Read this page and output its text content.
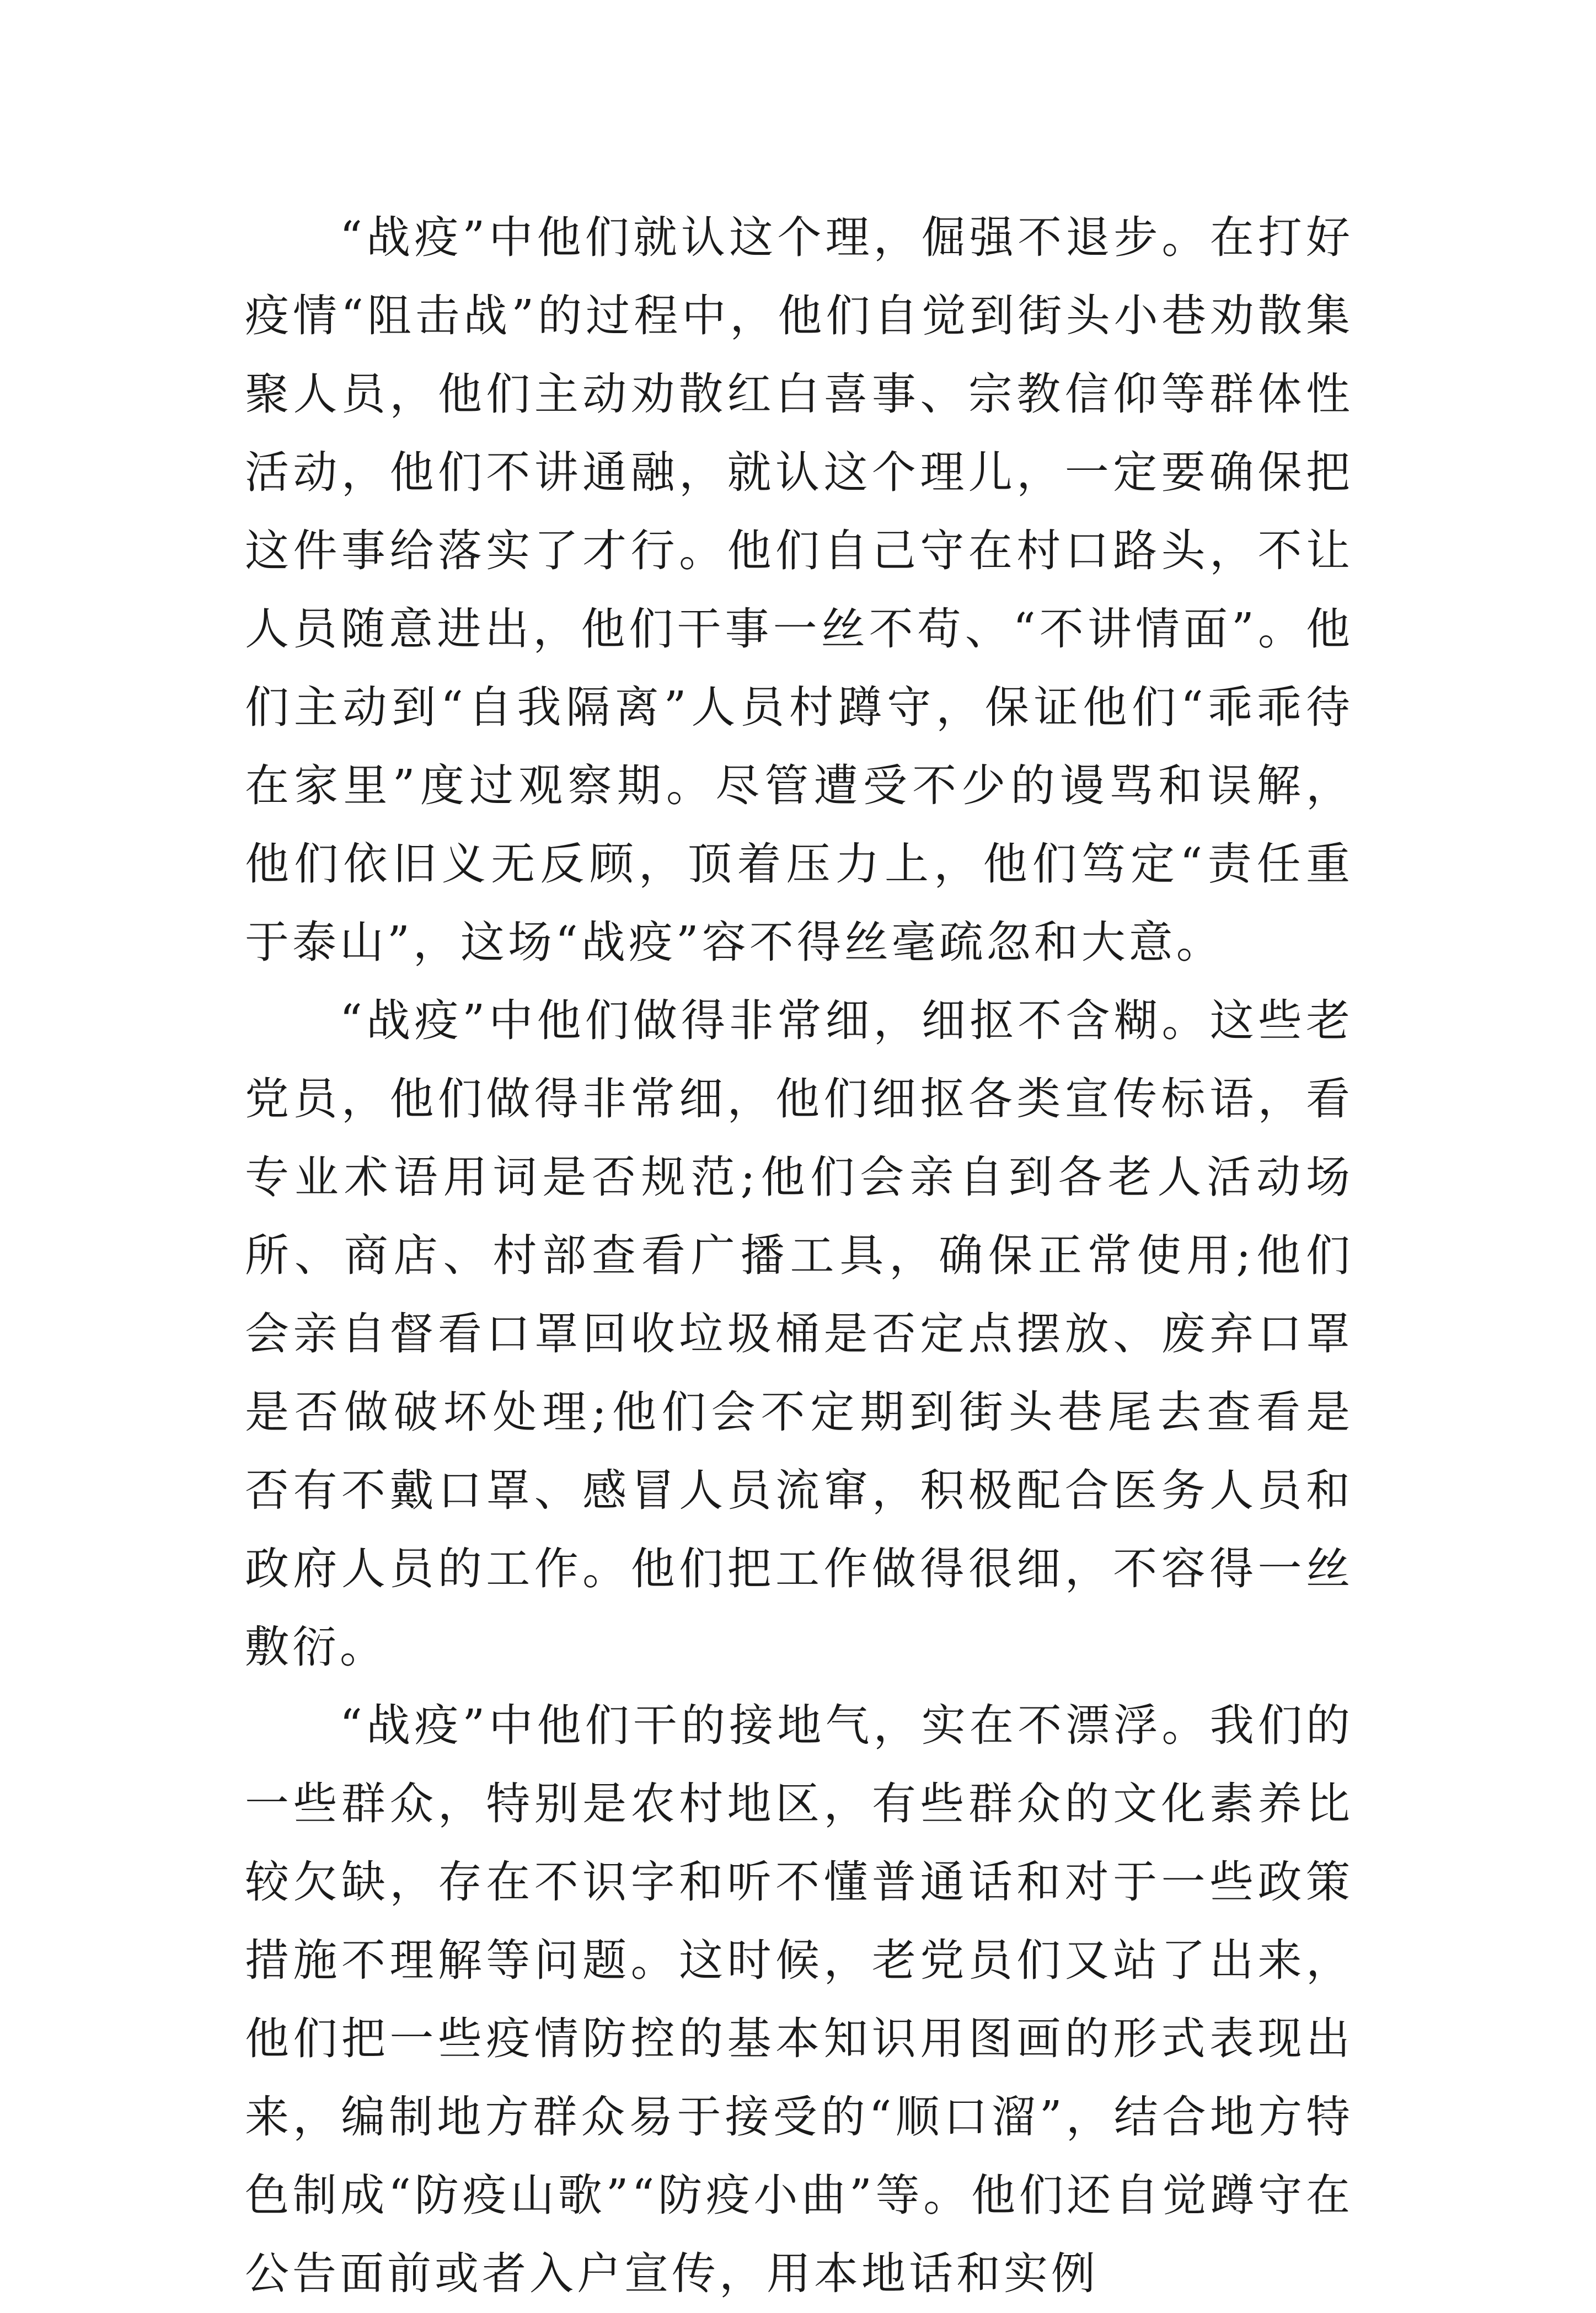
“战疫”中他们就认这个理，倔强不退步。在打好疫情“阻击战”的过程中，他们自觉到街头小巷劝散集聚人员，他们主动劝散红白喜事、宗教信仰等群体性活动，他们不讲通融，就认这个理儿，一定要确保把这件事给落实了才行。他们自己守在村口路头，不让人员随意进出，他们干事一丝不苟、“不讲情面”。他们主动到“自我隔离”人员村蹲守，保证他们“乖乖待在家里”度过观察期。尽管遭受不少的谩骂和误解，他们依旧义无反顾，顶着压力上，他们笃定“责任重于泰山”，这场“战疫”容不得丝毫疏忽和大意。

“战疫”中他们做得非常细，细抠不含糊。这些老党员，他们做得非常细，他们细抠各类宣传标语，看专业术语用词是否规范;他们会亲自到各老人活动场所、商店、村部查看广播工具，确保正常使用;他们会亲自督看口罩回收垃圾桶是否定点摆放、废弃口罩是否做破坏处理;他们会不定期到街头巷尾去查看是否有不戴口罩、感冒人员流窜，积极配合医务人员和政府人员的工作。他们把工作做得很细，不容得一丝敷衍。

“战疫”中他们干的接地气，实在不漂浮。我们的一些群众，特别是农村地区，有些群众的文化素养比较欠缺，存在不识字和听不懂普通话和对于一些政策措施不理解等问题。这时候，老党员们又站了出来，他们把一些疫情防控的基本知识用图画的形式表现出来，编制地方群众易于接受的“顺口溜”，结合地方特色制成“防疫山歌”“防疫小曲”等。他们还自觉蹲守在公告面前或者入户宣传，用本地话和实例
